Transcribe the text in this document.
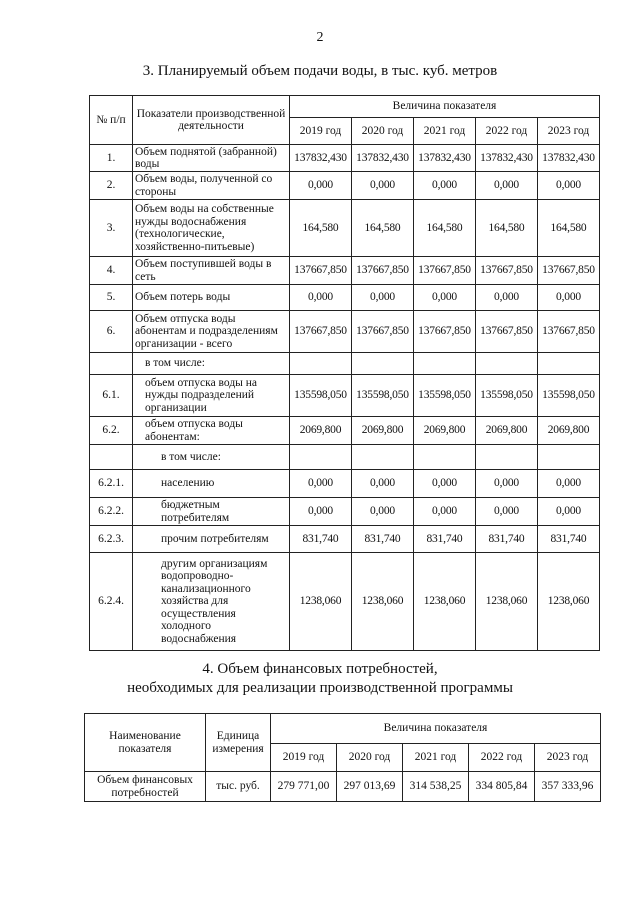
2
3. Планируемый объем подачи воды, в тыс. куб. метров
№ п/п	Показатели производственной деятельности	Величина показателя				
		2019 год	2020 год	2021 год	2022 год	2023 год
1.	Объем поднятой (забранной) воды	137832,430	137832,430	137832,430	137832,430	137832,430
2.	Объем воды, полученной со стороны	0,000	0,000	0,000	0,000	0,000
3.	Объем воды на собственные нужды водоснабжения (технологические, хозяйственно-питьевые)	164,580	164,580	164,580	164,580	164,580
4.	Объем поступившей воды в сеть	137667,850	137667,850	137667,850	137667,850	137667,850
5.	Объем потерь воды	0,000	0,000	0,000	0,000	0,000
6.	Объем отпуска воды абонентам и подразделениям организации - всего	137667,850	137667,850	137667,850	137667,850	137667,850
	в том числе:					
6.1.	объем отпуска воды на нужды подразделений организации	135598,050	135598,050	135598,050	135598,050	135598,050
6.2.	объем отпуска воды абонентам:	2069,800	2069,800	2069,800	2069,800	2069,800
	в том числе:					
6.2.1.	населению	0,000	0,000	0,000	0,000	0,000
6.2.2.	бюджетным потребителям	0,000	0,000	0,000	0,000	0,000
6.2.3.	прочим потребителям	831,740	831,740	831,740	831,740	831,740
6.2.4.	другим организациям водопроводно-канализационного хозяйства для осуществления холодного водоснабжения	1238,060	1238,060	1238,060	1238,060	1238,060
4. Объем финансовых потребностей,
необходимых для реализации производственной программы
Наименование показателя	Единица измерения	Величина показателя				
		2019 год	2020 год	2021 год	2022 год	2023 год
Объем финансовых потребностей	тыс. руб.	279 771,00	297 013,69	314 538,25	334 805,84	357 333,96
